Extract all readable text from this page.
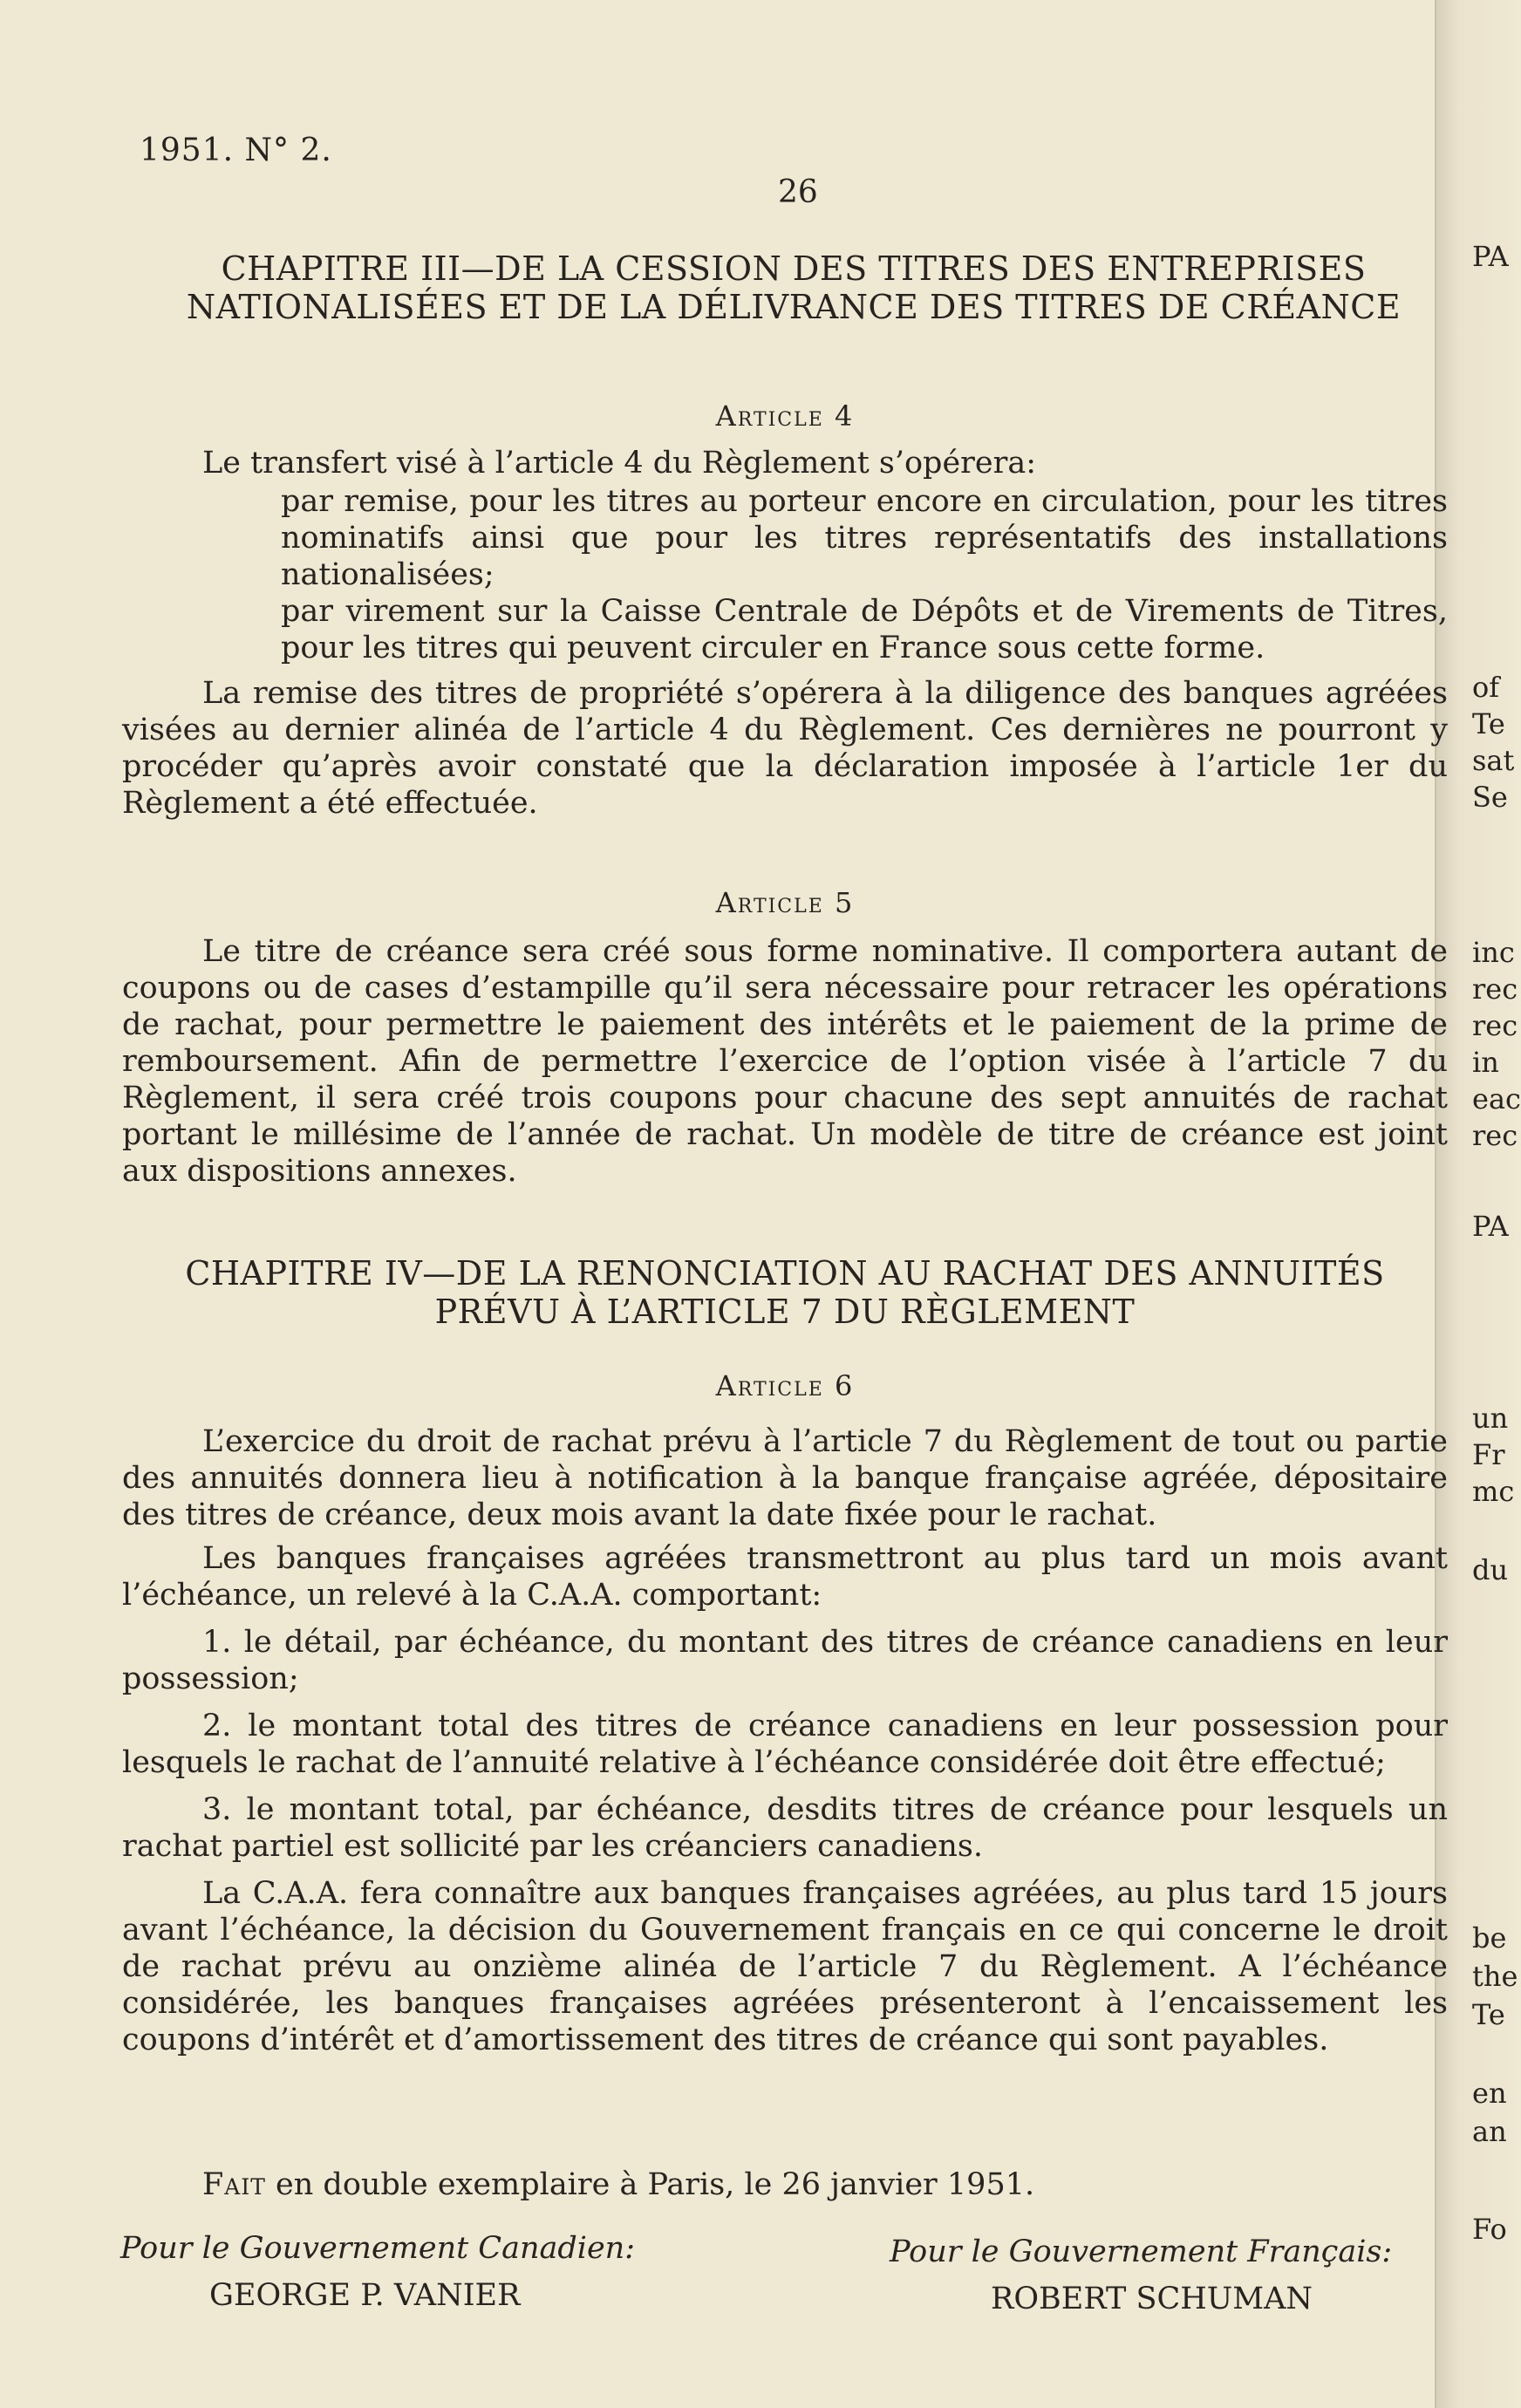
1951. N° 2.
26
CHAPITRE III—DE LA CESSION DES TITRES DES ENTREPRISES NATIONALISÉES ET DE LA DÉLIVRANCE DES TITRES DE CRÉANCE
Article 4

Le transfert visé à l’article 4 du Règlement s’opérera:

par remise, pour les titres au porteur encore en circulation, pour les titres nominatifs ainsi que pour les titres représentatifs des installations nationalisées;

par virement sur la Caisse Centrale de Dépôts et de Virements de Titres, pour les titres qui peuvent circuler en France sous cette forme.

La remise des titres de propriété s’opérera à la diligence des banques agréées visées au dernier alinéa de l’article 4 du Règlement. Ces dernières ne pourront y procéder qu’après avoir constaté que la déclaration imposée à l’article 1er du Règlement a été effectuée.

Article 5

Le titre de créance sera créé sous forme nominative. Il comportera autant de coupons ou de cases d’estampille qu’il sera nécessaire pour retracer les opérations de rachat, pour permettre le paiement des intérêts et le paiement de la prime de remboursement. Afin de permettre l’exercice de l’option visée à l’article 7 du Règlement, il sera créé trois coupons pour chacune des sept annuités de rachat portant le millésime de l’année de rachat. Un modèle de titre de créance est joint aux dispositions annexes.

CHAPITRE IV—DE LA RENONCIATION AU RACHAT DES ANNUITÉS PRÉVU À L’ARTICLE 7 DU RÈGLEMENT
Article 6

L’exercice du droit de rachat prévu à l’article 7 du Règlement de tout ou partie des annuités donnera lieu à notification à la banque française agréée, dépositaire des titres de créance, deux mois avant la date fixée pour le rachat.

Les banques françaises agréées transmettront au plus tard un mois avant l’échéance, un relevé à la C.A.A. comportant:

1. le détail, par échéance, du montant des titres de créance canadiens en leur possession;

2. le montant total des titres de créance canadiens en leur possession pour lesquels le rachat de l’annuité relative à l’échéance considérée doit être effectué;

3. le montant total, par échéance, desdits titres de créance pour lesquels un rachat partiel est sollicité par les créanciers canadiens.

La C.A.A. fera connaître aux banques françaises agréées, au plus tard 15 jours avant l’échéance, la décision du Gouvernement français en ce qui concerne le droit de rachat prévu au onzième alinéa de l’article 7 du Règlement. A l’échéance considérée, les banques françaises agréées présenteront à l’encaissement les coupons d’intérêt et d’amortissement des titres de créance qui sont payables.

Fait en double exemplaire à Paris, le 26 janvier 1951.

Pour le Gouvernement Canadien:
GEORGE P. VANIER
Pour le Gouvernement Français:
ROBERT SCHUMAN
PA
of
Te
sat
Se
inc
rec
rec
in
eac
rec
PA
un
Fr
mc
du
be
the
Te
en
an
Fo
